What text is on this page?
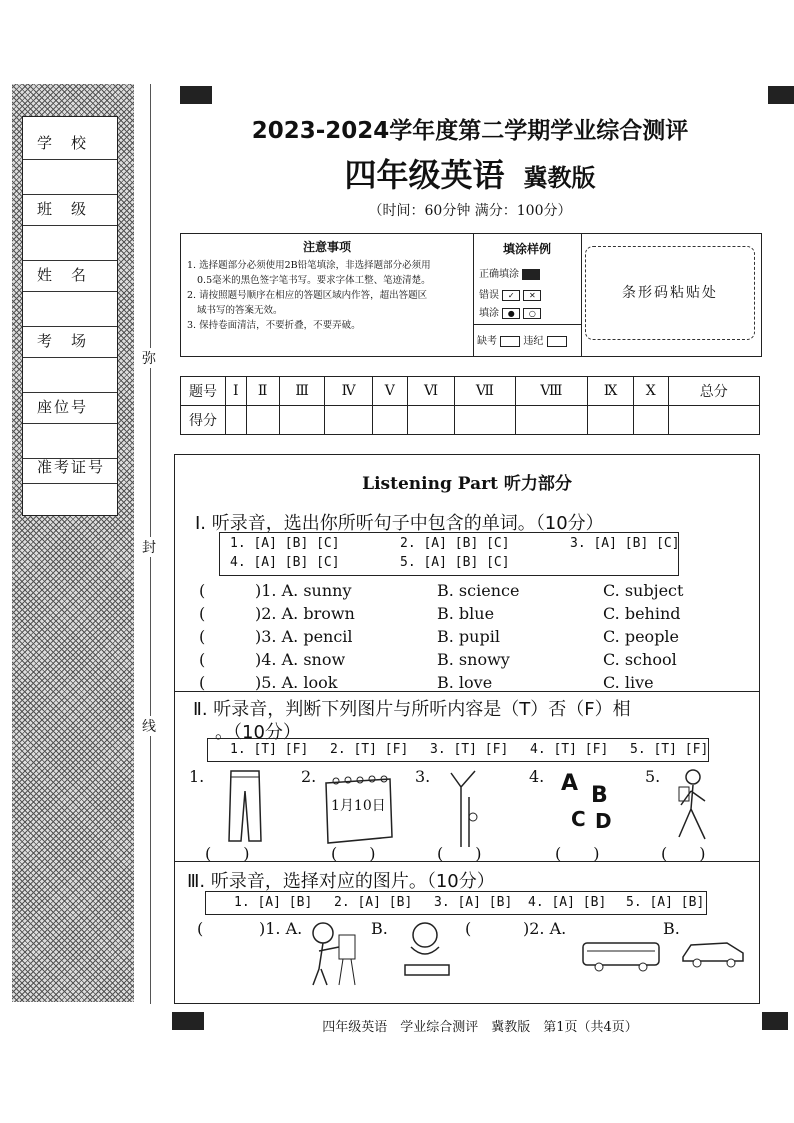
学　校
班　级
姓　名
考　场
座位号
准考证号
弥
封
线
2023-2024学年度第二学期学业综合测评
四年级英语 冀教版
（时间：60分钟 满分：100分）
注意事项
1. 选择题部分必须使用2B铅笔填涂，非选择题部分必须用
0.5毫米的黑色签字笔书写。要求字体工整、笔迹清楚。
2. 请按照题号顺序在相应的答题区域内作答，超出答题区
域书写的答案无效。
3. 保持卷面清洁，不要折叠，不要弄破。
填涂样例
正确填涂
错误 ✓ ✕
填涂 ● ○
缺考	违纪
条形码粘贴处
题号	Ⅰ	Ⅱ	Ⅲ	Ⅳ	Ⅴ	Ⅵ	Ⅶ	Ⅷ	Ⅸ	Ⅹ	总分
得分											
Listening Part 听力部分
Ⅰ. 听录音，选出你所听句子中包含的单词。（10分）
1. [A] [B] [C]	2. [A] [B] [C]	3. [A] [B] [C]
4. [A] [B] [C]	5. [A] [B] [C]
(	)1. A. sunny	B. science	C. subject
(	)2. A. brown	B. blue	C. behind
(	)3. A. pencil	B. pupil	C. people
(	)4. A. snow	B. snowy	C. school
(	)5. A. look	B. love	C. live
Ⅱ. 听录音，判断下列图片与所听内容是（T）否（F）相
。（10分）
1. [T] [F] 2. [T] [F] 3. [T] [F] 4. [T] [F] 5. [T] [F]
1.	2.	3.	4.	5.
1月10日
A B
C D
(　　)	(　　)	(　　)	(　　)	(　　)
Ⅲ. 听录音，选择对应的图片。（10分）
1. [A] [B] 2. [A] [B] 3. [A] [B] 4. [A] [B] 5. [A] [B]
(	)1. A.	B.	(	)2. A.	B.
四年级英语　学业综合测评　冀教版　第1页（共4页）
